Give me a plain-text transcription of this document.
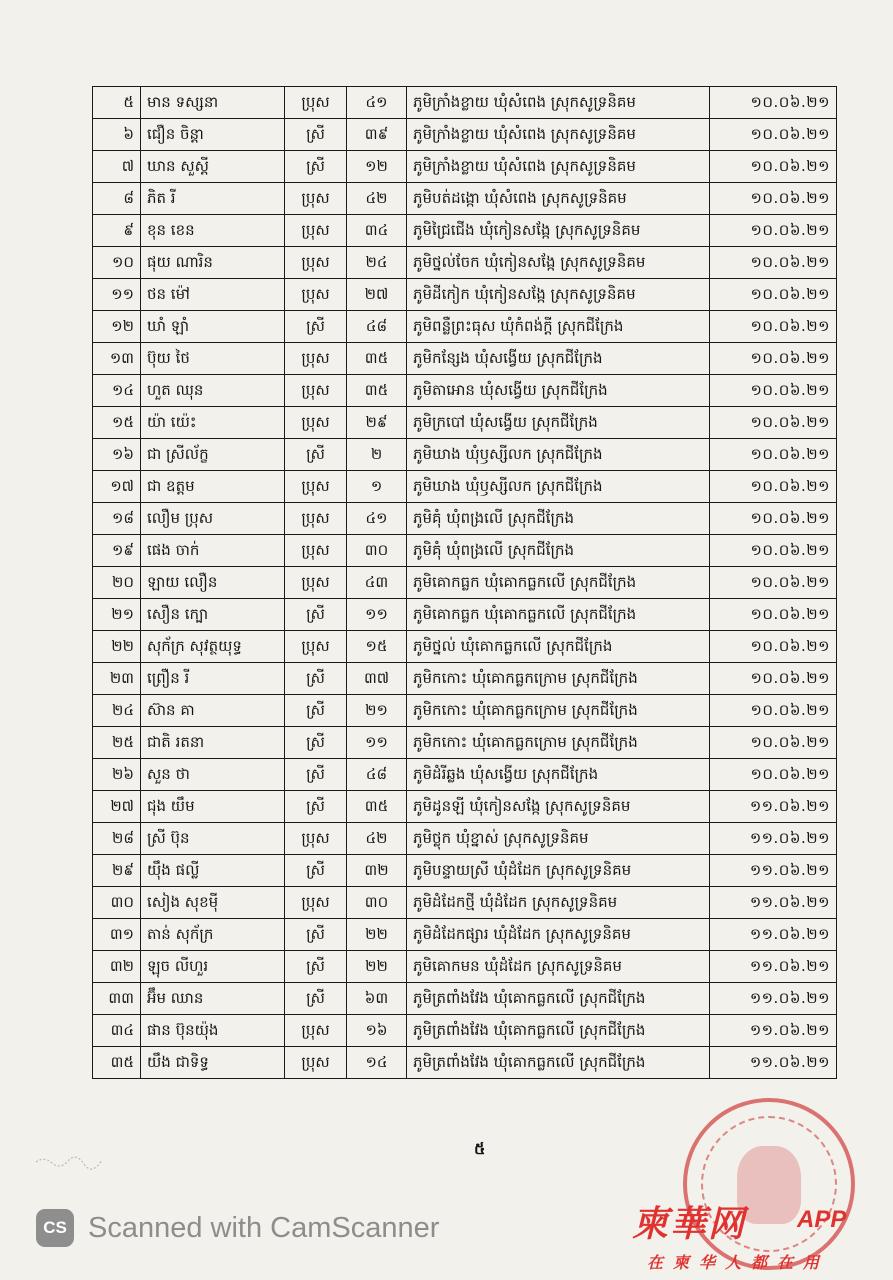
៥	មាន ទស្សនា	ប្រុស	៤១	ភូមិក្រាំងខ្លាយ ឃុំសំពេង ស្រុកសូទ្រនិគម	១០.០៦.២១
៦	ជឿន ចិន្តា	ស្រី	៣៩	ភូមិក្រាំងខ្លាយ ឃុំសំពេង ស្រុកសូទ្រនិគម	១០.០៦.២១
៧	ឃាន សួស្តី	ស្រី	១២	ភូមិក្រាំងខ្លាយ ឃុំសំពេង ស្រុកសូទ្រនិគម	១០.០៦.២១
៨	ភិត រី	ប្រុស	៤២	ភូមិបត់ដង្កោ ឃុំសំពេង ស្រុកសូទ្រនិគម	១០.០៦.២១
៩	ខុន ខេន	ប្រុស	៣៤	ភូមិជ្រៃជើង ឃុំកៀនសង្កែ ស្រុកសូទ្រនិគម	១០.០៦.២១
១០	ផុយ ណារិន	ប្រុស	២៤	ភូមិថ្នល់ចែក ឃុំកៀនសង្កែ ស្រុកសូទ្រនិគម	១០.០៦.២១
១១	ថន ម៉ៅ	ប្រុស	២៧	ភូមិដីកៀក ឃុំកៀនសង្កែ ស្រុកសូទ្រនិគម	១០.០៦.២១
១២	ឃាំ ឡាំ	ស្រី	៤៨	ភូមិពន្លឺព្រះធុស ឃុំកំពង់ក្តី ស្រុកជីក្រែង	១០.០៦.២១
១៣	ប៊ុយ ថៃ	ប្រុស	៣៥	ភូមិកន្សែង ឃុំសង្វើយ ស្រុកជីក្រែង	១០.០៦.២១
១៤	ហួត ឈុន	ប្រុស	៣៥	ភូមិតាអោន ឃុំសង្វើយ ស្រុកជីក្រែង	១០.០៦.២១
១៥	យ៉ា យ៉េះ	ប្រុស	២៩	ភូមិក្របៅ ឃុំសង្វើយ ស្រុកជីក្រែង	១០.០៦.២១
១៦	ជា ស្រីល័ក្ខ	ស្រី	២	ភូមិឃាង ឃុំឫស្សីលក ស្រុកជីក្រែង	១០.០៦.២១
១៧	ជា ឧត្តម	ប្រុស	១	ភូមិឃាង ឃុំឫស្សីលក ស្រុកជីក្រែង	១០.០៦.២១
១៨	លឿម ប្រុស	ប្រុស	៤១	ភូមិគុំ ឃុំពង្រលើ ស្រុកជីក្រែង	១០.០៦.២១
១៩	ផេង ចាក់	ប្រុស	៣០	ភូមិគុំ ឃុំពង្រលើ ស្រុកជីក្រែង	១០.០៦.២១
២០	ឡាយ លឿន	ប្រុស	៤៣	ភូមិគោកធ្លក ឃុំគោកធ្លកលើ ស្រុកជីក្រែង	១០.០៦.២១
២១	សឿន ក្បោ	ស្រី	១១	ភូមិគោកធ្លក ឃុំគោកធ្លកលើ ស្រុកជីក្រែង	១០.០៦.២១
២២	សុក័ក្រ សុវត្ថយុទ្ធ	ប្រុស	១៥	ភូមិថ្នល់ ឃុំគោកធ្លកលើ ស្រុកជីក្រែង	១០.០៦.២១
២៣	ព្រឿន រី	ស្រី	៣៧	ភូមិកកោះ ឃុំគោកធ្លកក្រោម ស្រុកជីក្រែង	១០.០៦.២១
២៤	ស៊ាន គា	ស្រី	២១	ភូមិកកោះ ឃុំគោកធ្លកក្រោម ស្រុកជីក្រែង	១០.០៦.២១
២៥	ជាតិ រតនា	ស្រី	១១	ភូមិកកោះ ឃុំគោកធ្លកក្រោម ស្រុកជីក្រែង	១០.០៦.២១
២៦	សួន ថា	ស្រី	៤៨	ភូមិដំរីឆ្លង ឃុំសង្វើយ ស្រុកជីក្រែង	១០.០៦.២១
២៧	ជុង យឹម	ស្រី	៣៥	ភូមិដូនឡី ឃុំកៀនសង្កែ ស្រុកសូទ្រនិគម	១១.០៦.២១
២៨	ស្រី ប៊ុន	ប្រុស	៤២	ភូមិថ្លុក ឃុំខ្នាស់ ស្រុកសូទ្រនិគម	១១.០៦.២១
២៩	យ៉ឹង ផល្លី	ស្រី	៣២	ភូមិបន្ទាយស្រី ឃុំដំដែក ស្រុកសូទ្រនិគម	១១.០៦.២១
៣០	សៀង សុខម៉ី	ប្រុស	៣០	ភូមិដំដែកថ្មី ឃុំដំដែក ស្រុកសូទ្រនិគម	១១.០៦.២១
៣១	តាន់ សុក័ក្រ	ស្រី	២២	ភូមិដំដែកផ្សារ ឃុំដំដែក ស្រុកសូទ្រនិគម	១១.០៦.២១
៣២	ឡុច លីហួរ	ស្រី	២២	ភូមិគោកមន ឃុំដំដែក ស្រុកសូទ្រនិគម	១១.០៦.២១
៣៣	អ៊ឹម ឈាន	ស្រី	៦៣	ភូមិត្រពាំងវែង ឃុំគោកធ្លកលើ ស្រុកជីក្រែង	១១.០៦.២១
៣៤	ផាន ប៊ុនយ៉ុង	ប្រុស	១៦	ភូមិត្រពាំងវែង ឃុំគោកធ្លកលើ ស្រុកជីក្រែង	១១.០៦.២១
៣៥	យឹង ជាទិទ្ធ	ប្រុស	១៤	ភូមិត្រពាំងវែង ឃុំគោកធ្លកលើ ស្រុកជីក្រែង	១១.០៦.២១
៥
CS Scanned with CamScanner	柬華网 APP
在柬华人都在用
